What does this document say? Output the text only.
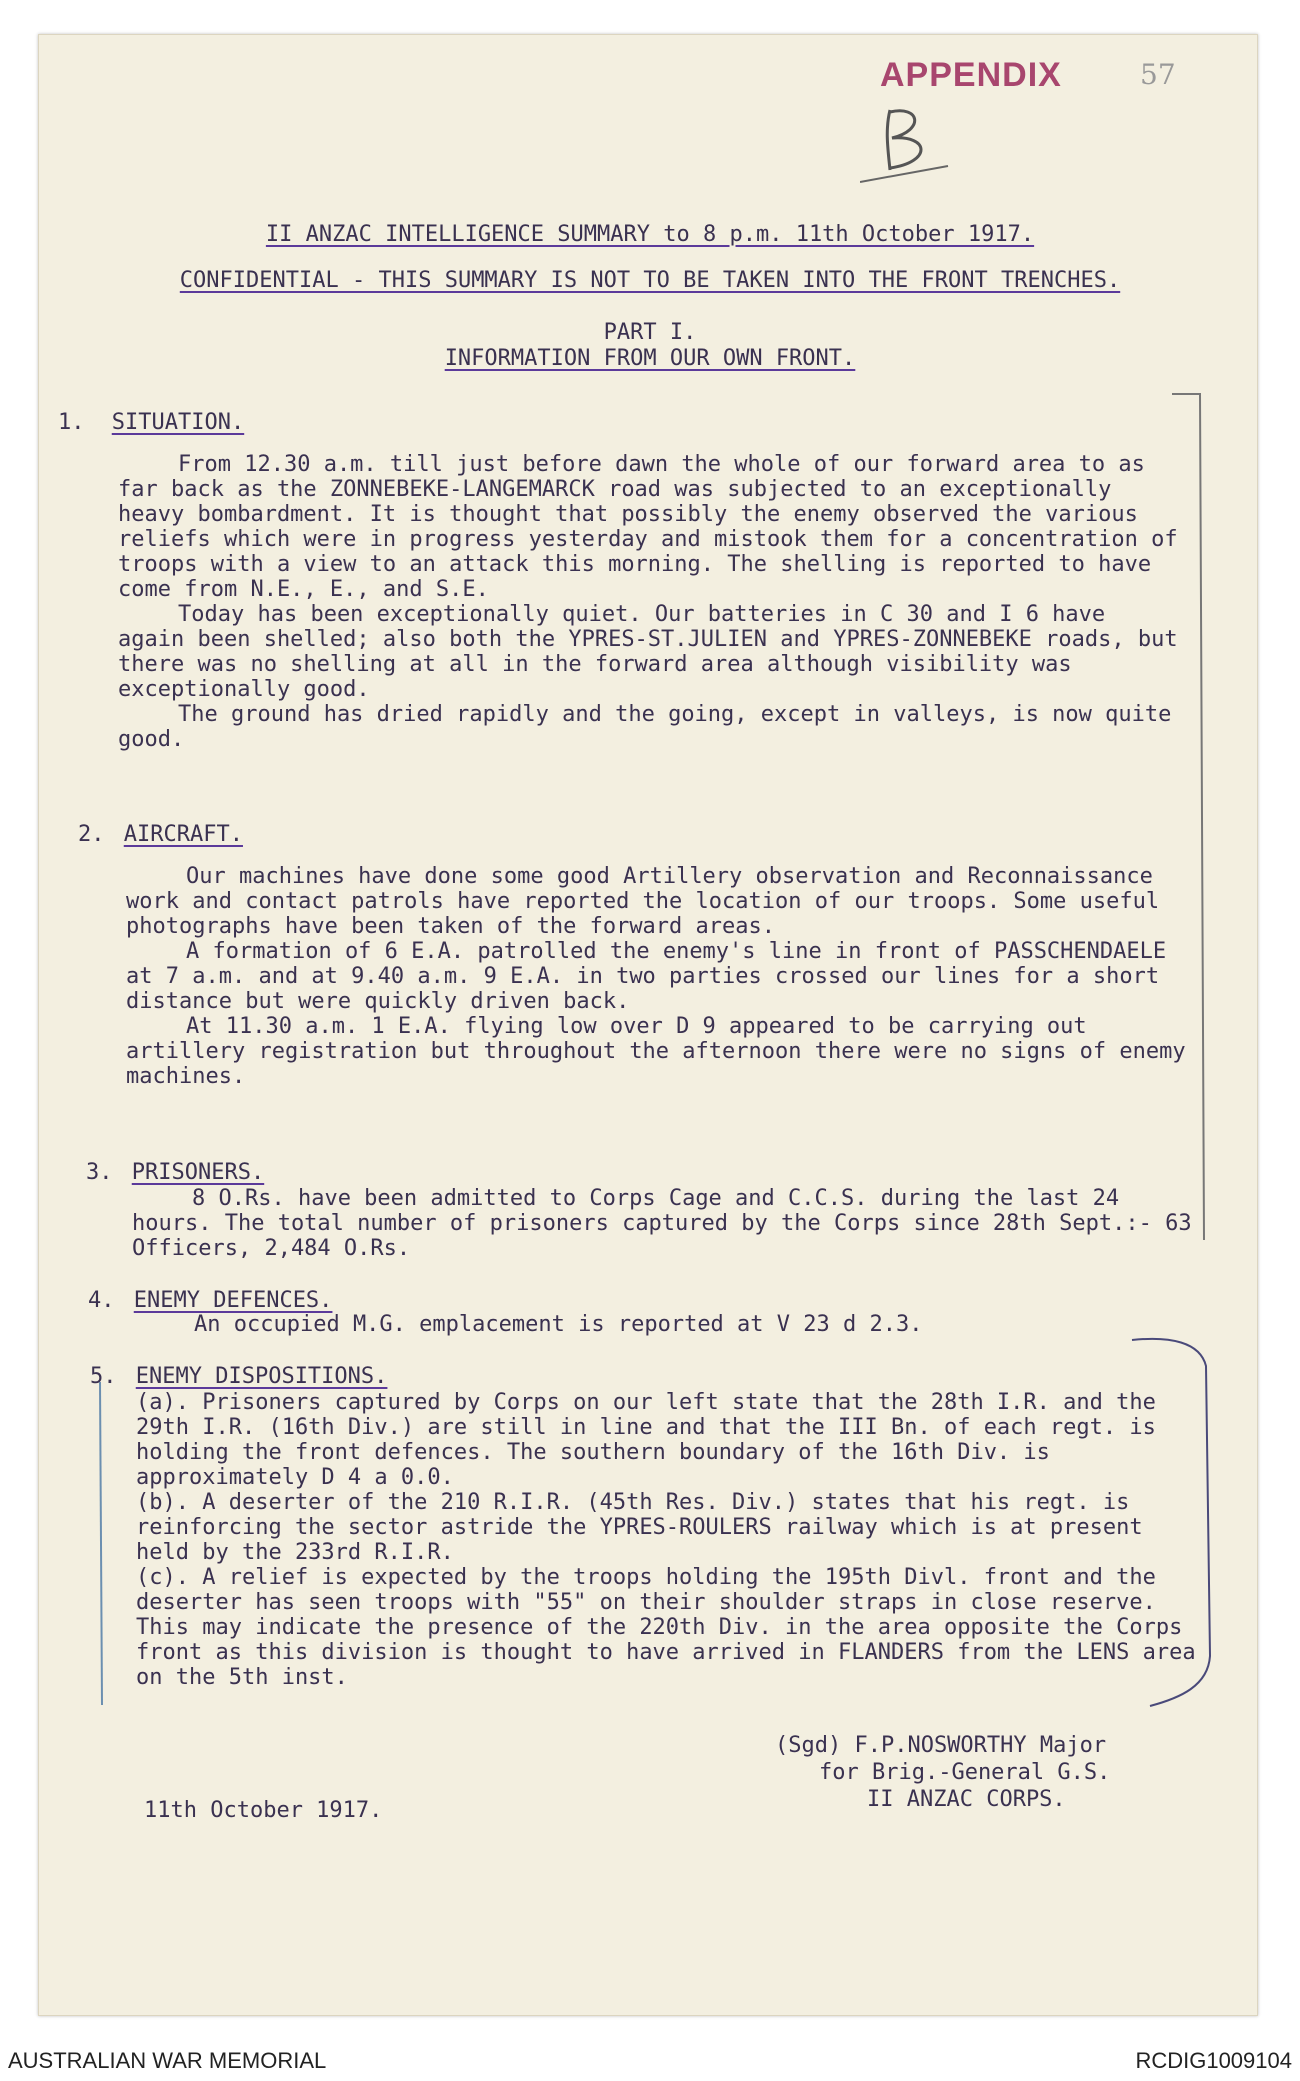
APPENDIX	57
II ANZAC INTELLIGENCE SUMMARY to 8 p.m. 11th October 1917.
CONFIDENTIAL - THIS SUMMARY IS NOT TO BE TAKEN INTO THE FRONT TRENCHES.
PART I.
INFORMATION FROM OUR OWN FRONT.
1. SITUATION.

From 12.30 a.m. till just before dawn the whole of our forward area to as far back as the ZONNEBEKE-LANGEMARCK road was subjected to an exceptionally heavy bombardment. It is thought that possibly the enemy observed the various reliefs which were in progress yesterday and mistook them for a concentration of troops with a view to an attack this morning. The shelling is reported to have come from N.E., E., and S.E.

Today has been exceptionally quiet. Our batteries in C 30 and I 6 have again been shelled; also both the YPRES-ST.JULIEN and YPRES-ZONNEBEKE roads, but there was no shelling at all in the forward area although visibility was exceptionally good.

The ground has dried rapidly and the going, except in valleys, is now quite good.

2. AIRCRAFT.

Our machines have done some good Artillery observation and Reconnaissance work and contact patrols have reported the location of our troops. Some useful photographs have been taken of the forward areas.

A formation of 6 E.A. patrolled the enemy's line in front of PASSCHENDAELE at 7 a.m. and at 9.40 a.m. 9 E.A. in two parties crossed our lines for a short distance but were quickly driven back.

At 11.30 a.m. 1 E.A. flying low over D 9 appeared to be carrying out artillery registration but throughout the afternoon there were no signs of enemy machines.

3. PRISONERS.

8 O.Rs. have been admitted to Corps Cage and C.C.S. during the last 24 hours. The total number of prisoners captured by the Corps since 28th Sept.:- 63 Officers, 2,484 O.Rs.

4. ENEMY DEFENCES.

An occupied M.G. emplacement is reported at V 23 d 2.3.

5. ENEMY DISPOSITIONS.

(a). Prisoners captured by Corps on our left state that the 28th I.R. and the 29th I.R. (16th Div.) are still in line and that the III Bn. of each regt. is holding the front defences. The southern boundary of the 16th Div. is approximately D 4 a 0.0.

(b). A deserter of the 210 R.I.R. (45th Res. Div.) states that his regt. is reinforcing the sector astride the YPRES-ROULERS railway which is at present held by the 233rd R.I.R.

(c). A relief is expected by the troops holding the 195th Divl. front and the deserter has seen troops with "55" on their shoulder straps in close reserve. This may indicate the presence of the 220th Div. in the area opposite the Corps front as this division is thought to have arrived in FLANDERS from the LENS area on the 5th inst.

(Sgd) F.P.NOSWORTHY Major
for Brig.-General G.S.
II ANZAC CORPS.
11th October 1917.
AUSTRALIAN WAR MEMORIAL	RCDIG1009104
